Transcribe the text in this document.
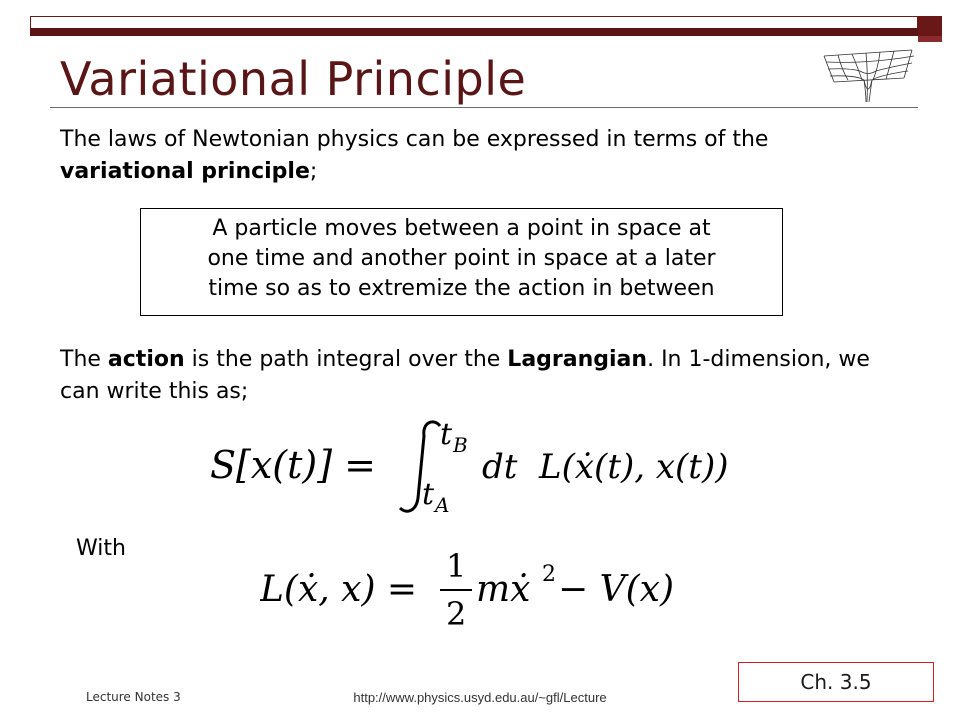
Variational Principle

The laws of Newtonian physics can be expressed in terms of the variational principle;

A particle moves between a point in space at
one time and another point in space at a later
time so as to extremize the action in between

The action is the path integral over the Lagrangian. In 1-dimension, we can write this as;

S[x(t)] =
t B
t A
dt  L(ẋ(t), x(t))
With
L(ẋ, x) =
1
2
mẋ 2 − V(x)
Lecture Notes 3	http://www.physics.usyd.edu.au/~gfl/Lecture
Ch. 3.5
